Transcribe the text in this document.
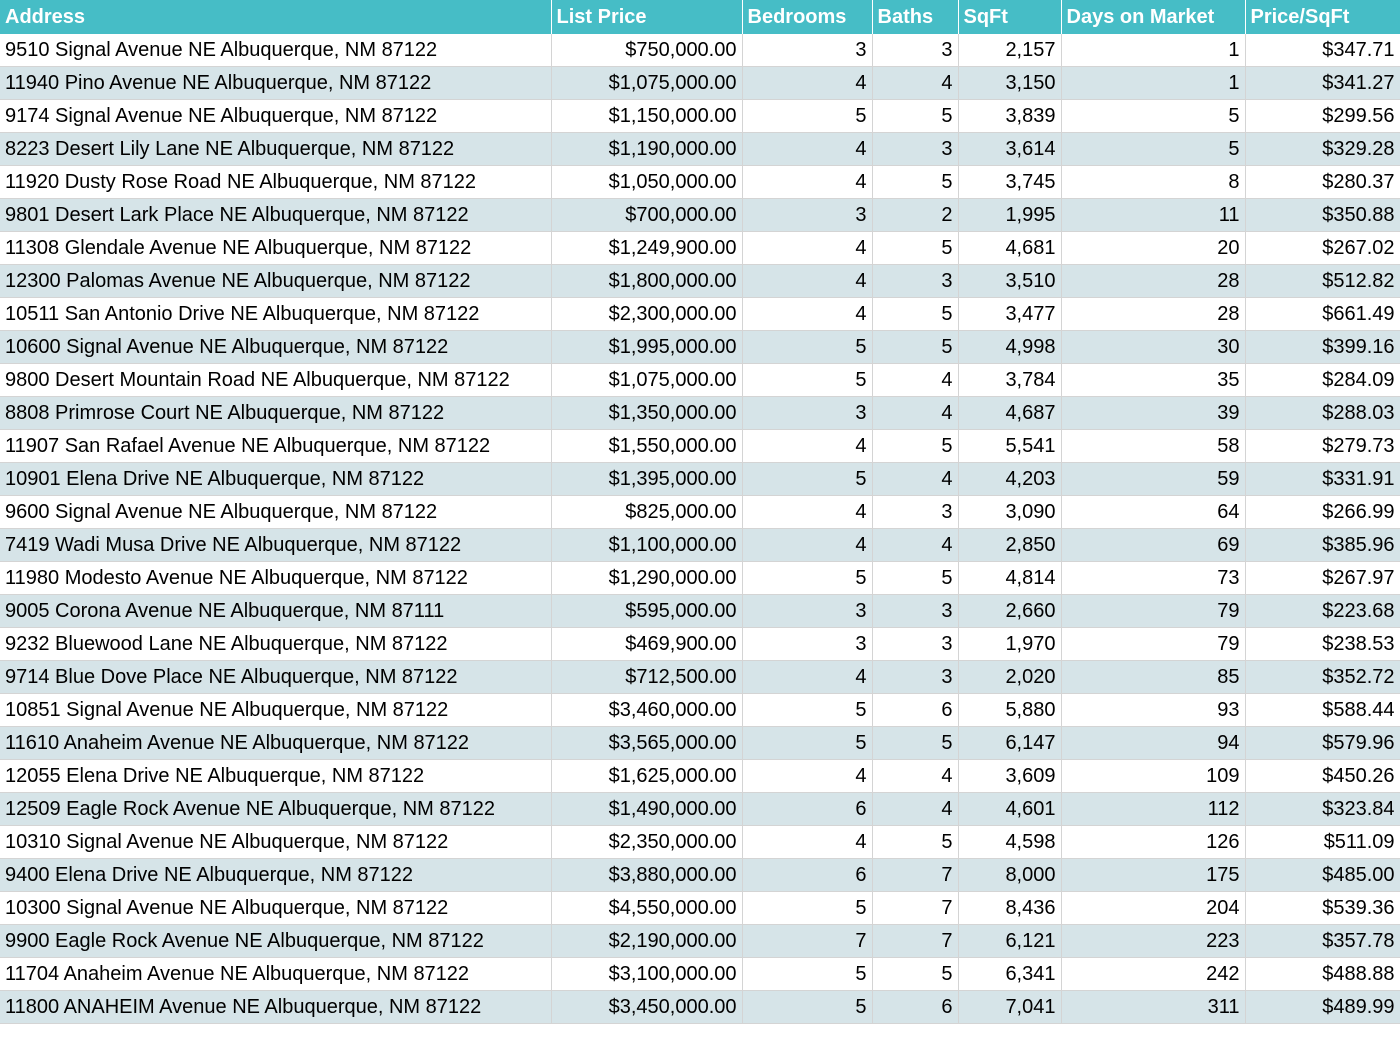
Address	List Price	Bedrooms	Baths	SqFt	Days on Market	Price/SqFt
9510 Signal Avenue NE Albuquerque, NM 87122	$750,000.00	3	3	2,157	1	$347.71
11940 Pino Avenue NE Albuquerque, NM 87122	$1,075,000.00	4	4	3,150	1	$341.27
9174 Signal Avenue NE Albuquerque, NM 87122	$1,150,000.00	5	5	3,839	5	$299.56
8223 Desert Lily Lane NE Albuquerque, NM 87122	$1,190,000.00	4	3	3,614	5	$329.28
11920 Dusty Rose Road NE Albuquerque, NM 87122	$1,050,000.00	4	5	3,745	8	$280.37
9801 Desert Lark Place NE Albuquerque, NM 87122	$700,000.00	3	2	1,995	11	$350.88
11308 Glendale Avenue NE Albuquerque, NM 87122	$1,249,900.00	4	5	4,681	20	$267.02
12300 Palomas Avenue NE Albuquerque, NM 87122	$1,800,000.00	4	3	3,510	28	$512.82
10511 San Antonio Drive NE Albuquerque, NM 87122	$2,300,000.00	4	5	3,477	28	$661.49
10600 Signal Avenue NE Albuquerque, NM 87122	$1,995,000.00	5	5	4,998	30	$399.16
9800 Desert Mountain Road NE Albuquerque, NM 87122	$1,075,000.00	5	4	3,784	35	$284.09
8808 Primrose Court NE Albuquerque, NM 87122	$1,350,000.00	3	4	4,687	39	$288.03
11907 San Rafael Avenue NE Albuquerque, NM 87122	$1,550,000.00	4	5	5,541	58	$279.73
10901 Elena Drive NE Albuquerque, NM 87122	$1,395,000.00	5	4	4,203	59	$331.91
9600 Signal Avenue NE Albuquerque, NM 87122	$825,000.00	4	3	3,090	64	$266.99
7419 Wadi Musa Drive NE Albuquerque, NM 87122	$1,100,000.00	4	4	2,850	69	$385.96
11980 Modesto Avenue NE Albuquerque, NM 87122	$1,290,000.00	5	5	4,814	73	$267.97
9005 Corona Avenue NE Albuquerque, NM 87111	$595,000.00	3	3	2,660	79	$223.68
9232 Bluewood Lane NE Albuquerque, NM 87122	$469,900.00	3	3	1,970	79	$238.53
9714 Blue Dove Place NE Albuquerque, NM 87122	$712,500.00	4	3	2,020	85	$352.72
10851 Signal Avenue NE Albuquerque, NM 87122	$3,460,000.00	5	6	5,880	93	$588.44
11610 Anaheim Avenue NE Albuquerque, NM 87122	$3,565,000.00	5	5	6,147	94	$579.96
12055 Elena Drive NE Albuquerque, NM 87122	$1,625,000.00	4	4	3,609	109	$450.26
12509 Eagle Rock Avenue NE Albuquerque, NM 87122	$1,490,000.00	6	4	4,601	112	$323.84
10310 Signal Avenue NE Albuquerque, NM 87122	$2,350,000.00	4	5	4,598	126	$511.09
9400 Elena Drive NE Albuquerque, NM 87122	$3,880,000.00	6	7	8,000	175	$485.00
10300 Signal Avenue NE Albuquerque, NM 87122	$4,550,000.00	5	7	8,436	204	$539.36
9900 Eagle Rock Avenue NE Albuquerque, NM 87122	$2,190,000.00	7	7	6,121	223	$357.78
11704 Anaheim Avenue NE Albuquerque, NM 87122	$3,100,000.00	5	5	6,341	242	$488.88
11800 ANAHEIM Avenue NE Albuquerque, NM 87122	$3,450,000.00	5	6	7,041	311	$489.99
